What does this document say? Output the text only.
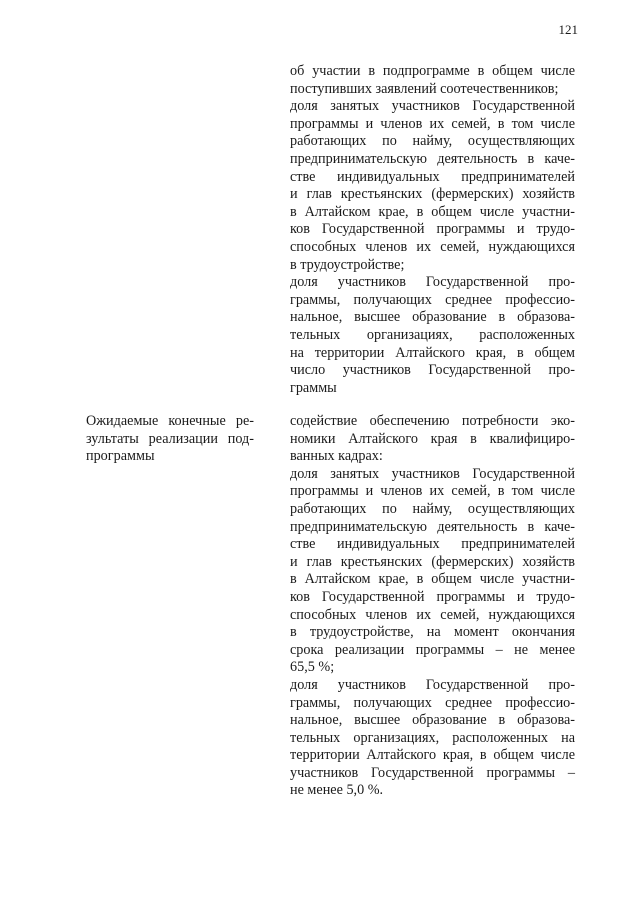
121
Ожидаемые конечные ре-
зультаты реализации под-
программы

об участии в подпрограмме в общем числе
поступивших заявлений соотечественников;

доля занятых участников Государственной
программы и членов их семей, в том числе
работающих по найму, осуществляющих
предпринимательскую деятельность в каче-
стве индивидуальных предпринимателей
и глав крестьянских (фермерских) хозяйств
в Алтайском крае, в общем числе участни-
ков Государственной программы и трудо-
способных членов их семей, нуждающихся
в трудоустройстве;

доля участников Государственной про-
граммы, получающих среднее профессио-
нальное, высшее образование в образова-
тельных организациях, расположенных
на территории Алтайского края, в общем
число участников Государственной про-
граммы

содействие обеспечению потребности эко-
номики Алтайского края в квалифициро-
ванных кадрах:

доля занятых участников Государственной
программы и членов их семей, в том числе
работающих по найму, осуществляющих
предпринимательскую деятельность в каче-
стве индивидуальных предпринимателей
и глав крестьянских (фермерских) хозяйств
в Алтайском крае, в общем числе участни-
ков Государственной программы и трудо-
способных членов их семей, нуждающихся
в трудоустройстве, на момент окончания
срока реализации программы – не менее
65,5 %;

доля участников Государственной про-
граммы, получающих среднее профессио-
нальное, высшее образование в образова-
тельных организациях, расположенных на
территории Алтайского края, в общем числе
участников Государственной программы –
не менее 5,0 %.
